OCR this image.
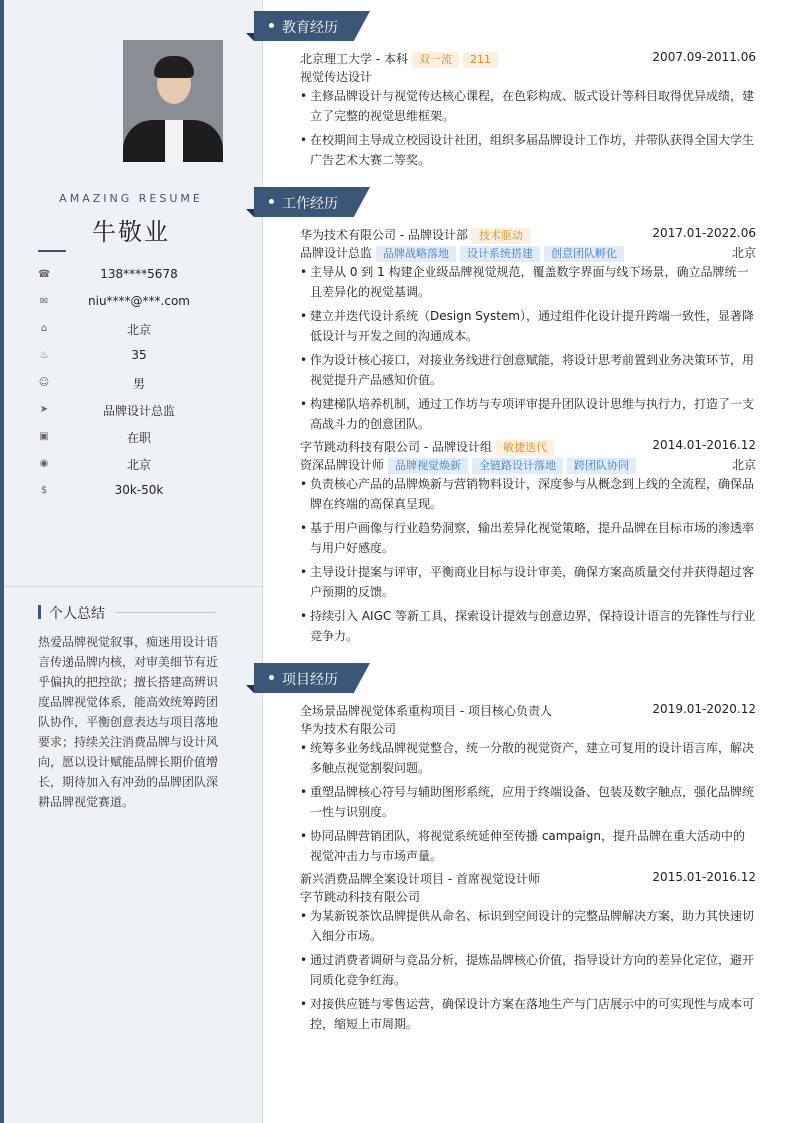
AMAZING RESUME
牛敬业
☎	138****5678
✉	niu****@***.com
⌂	北京
♨	35
☺	男
➤	品牌设计总监
▣	在职
◉	北京
$	30k-50k
个人总结
热爱品牌视觉叙事，痴迷用设计语言传递品牌内核，对审美细节有近乎偏执的把控欲；擅长搭建高辨识度品牌视觉体系，能高效统筹跨团队协作，平衡创意表达与项目落地要求；持续关注消费品牌与设计风向，愿以设计赋能品牌长期价值增长，期待加入有冲劲的品牌团队深耕品牌视觉赛道。
教育经历
北京理工大学 - 本科 双一流 211	2007.09-2011.06
视觉传达设计
• 主修品牌设计与视觉传达核心课程，在色彩构成、版式设计等科目取得优异成绩，建立了完整的视觉思维框架。
• 在校期间主导成立校园设计社团，组织多届品牌设计工作坊，并带队获得全国大学生广告艺术大赛二等奖。
工作经历
华为技术有限公司 - 品牌设计部 技术驱动	2017.01-2022.06
品牌设计总监 品牌战略落地 设计系统搭建 创意团队孵化	北京
• 主导从 0 到 1 构建企业级品牌视觉规范，覆盖数字界面与线下场景，确立品牌统一且差异化的视觉基调。
• 建立并迭代设计系统（Design System），通过组件化设计提升跨端一致性，显著降低设计与开发之间的沟通成本。
• 作为设计核心接口，对接业务线进行创意赋能，将设计思考前置到业务决策环节，用视觉提升产品感知价值。
• 构建梯队培养机制，通过工作坊与专项评审提升团队设计思维与执行力，打造了一支高战斗力的创意团队。
字节跳动科技有限公司 - 品牌设计组 敏捷迭代	2014.01-2016.12
资深品牌设计师 品牌视觉焕新 全链路设计落地 跨团队协同	北京
• 负责核心产品的品牌焕新与营销物料设计，深度参与从概念到上线的全流程，确保品牌在终端的高保真呈现。
• 基于用户画像与行业趋势洞察，输出差异化视觉策略，提升品牌在目标市场的渗透率与用户好感度。
• 主导设计提案与评审，平衡商业目标与设计审美，确保方案高质量交付并获得超过客户预期的反馈。
• 持续引入 AIGC 等新工具，探索设计提效与创意边界，保持设计语言的先锋性与行业竞争力。
项目经历
全场景品牌视觉体系重构项目 - 项目核心负责人	2019.01-2020.12
华为技术有限公司
• 统筹多业务线品牌视觉整合，统一分散的视觉资产，建立可复用的设计语言库，解决多触点视觉割裂问题。
• 重塑品牌核心符号与辅助图形系统，应用于终端设备、包装及数字触点，强化品牌统一性与识别度。
• 协同品牌营销团队，将视觉系统延伸至传播 campaign，提升品牌在重大活动中的视觉冲击力与市场声量。
新兴消费品牌全案设计项目 - 首席视觉设计师	2015.01-2016.12
字节跳动科技有限公司
• 为某新锐茶饮品牌提供从命名、标识到空间设计的完整品牌解决方案，助力其快速切入细分市场。
• 通过消费者调研与竞品分析，提炼品牌核心价值，指导设计方向的差异化定位，避开同质化竞争红海。
• 对接供应链与零售运营，确保设计方案在落地生产与门店展示中的可实现性与成本可控，缩短上市周期。
